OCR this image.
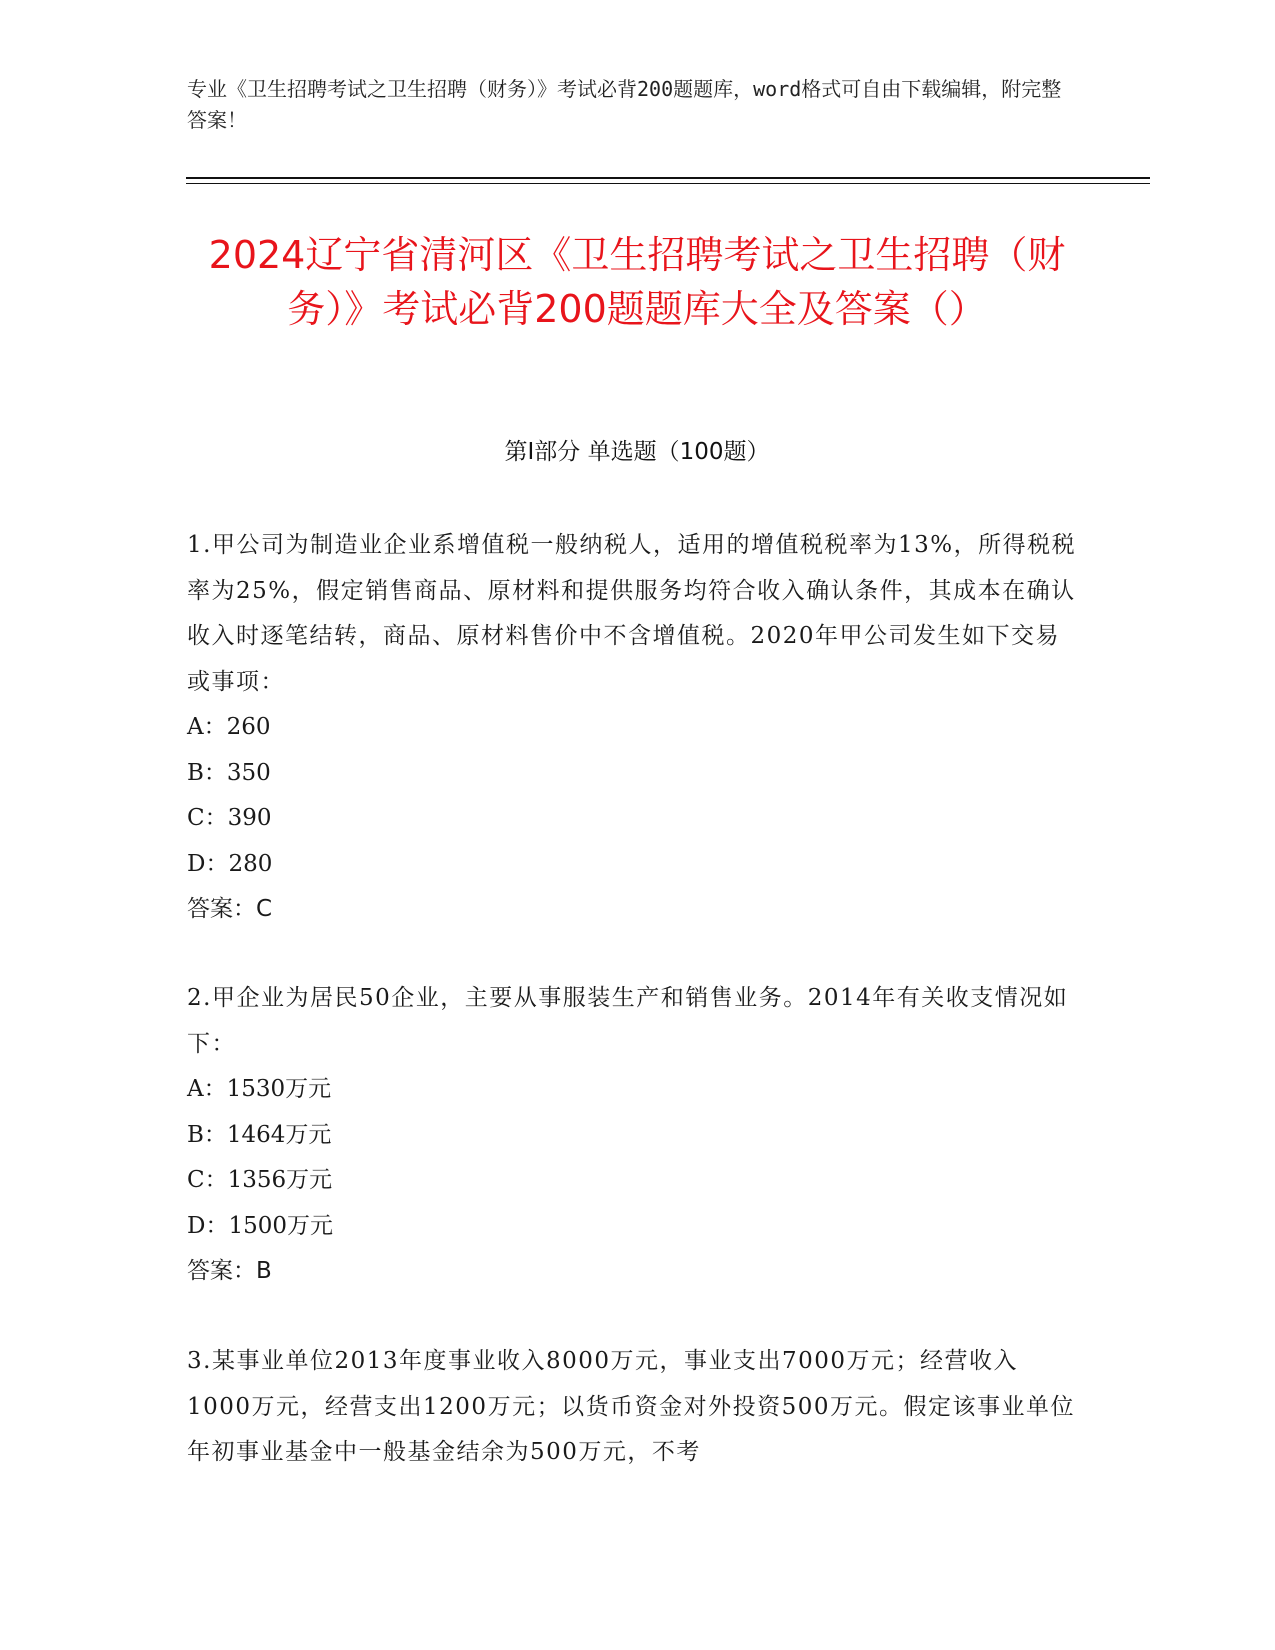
专业《卫生招聘考试之卫生招聘（财务）》考试必背200题题库，word格式可自由下载编辑，附完整答案！
2024辽宁省清河区《卫生招聘考试之卫生招聘（财务）》考试必背200题题库大全及答案（）
第I部分 单选题（100题）
1.甲公司为制造业企业系增值税一般纳税人，适用的增值税税率为13%，所得税税率为25%，假定销售商品、原材料和提供服务均符合收入确认条件，其成本在确认收入时逐笔结转，商品、原材料售价中不含增值税。2020年甲公司发生如下交易或事项：
A：260
B：350
C：390
D：280
答案：C
2.甲企业为居民50企业，主要从事服装生产和销售业务。2014年有关收支情况如下：
A：1530万元
B：1464万元
C：1356万元
D：1500万元
答案：B
3.某事业单位2013年度事业收入8000万元，事业支出7000万元；经营收入1000万元，经营支出1200万元；以货币资金对外投资500万元。假定该事业单位年初事业基金中一般基金结余为500万元，不考
